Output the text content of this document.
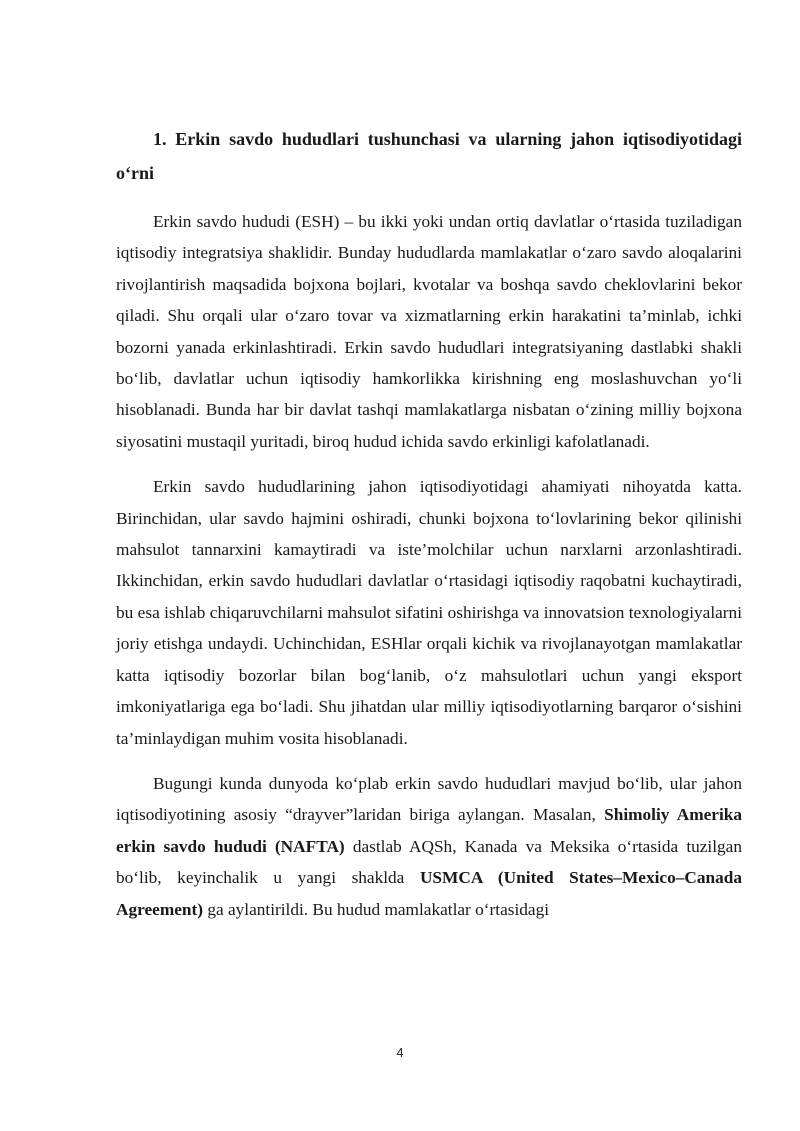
1. Erkin savdo hududlari tushunchasi va ularning jahon iqtisodiyotidagi o‘rni

Erkin savdo hududi (ESH) – bu ikki yoki undan ortiq davlatlar o‘rtasida tuziladigan iqtisodiy integratsiya shaklidir. Bunday hududlarda mamlakatlar o‘zaro savdo aloqalarini rivojlantirish maqsadida bojxona bojlari, kvotalar va boshqa savdo cheklovlarini bekor qiladi. Shu orqali ular o‘zaro tovar va xizmatlarning erkin harakatini ta’minlab, ichki bozorni yanada erkinlashtiradi. Erkin savdo hududlari integratsiyaning dastlabki shakli bo‘lib, davlatlar uchun iqtisodiy hamkorlikka kirishning eng moslashuvchan yo‘li hisoblanadi. Bunda har bir davlat tashqi mamlakatlarga nisbatan o‘zining milliy bojxona siyosatini mustaqil yuritadi, biroq hudud ichida savdo erkinligi kafolatlanadi.

Erkin savdo hududlarining jahon iqtisodiyotidagi ahamiyati nihoyatda katta. Birinchidan, ular savdo hajmini oshiradi, chunki bojxona to‘lovlarining bekor qilinishi mahsulot tannarxini kamaytiradi va iste’molchilar uchun narxlarni arzonlashtiradi. Ikkinchidan, erkin savdo hududlari davlatlar o‘rtasidagi iqtisodiy raqobatni kuchaytiradi, bu esa ishlab chiqaruvchilarni mahsulot sifatini oshirishga va innovatsion texnologiyalarni joriy etishga undaydi. Uchinchidan, ESHlar orqali kichik va rivojlanayotgan mamlakatlar katta iqtisodiy bozorlar bilan bog‘lanib, o‘z mahsulotlari uchun yangi eksport imkoniyatlariga ega bo‘ladi. Shu jihatdan ular milliy iqtisodiyotlarning barqaror o‘sishini ta’minlaydigan muhim vosita hisoblanadi.

Bugungi kunda dunyoda ko‘plab erkin savdo hududlari mavjud bo‘lib, ular jahon iqtisodiyotining asosiy “drayver”laridan biriga aylangan. Masalan, Shimoliy Amerika erkin savdo hududi (NAFTA) dastlab AQSh, Kanada va Meksika o‘rtasida tuzilgan bo‘lib, keyinchalik u yangi shaklda USMCA (United States–Mexico–Canada Agreement) ga aylantirildi. Bu hudud mamlakatlar o‘rtasidagi

4
